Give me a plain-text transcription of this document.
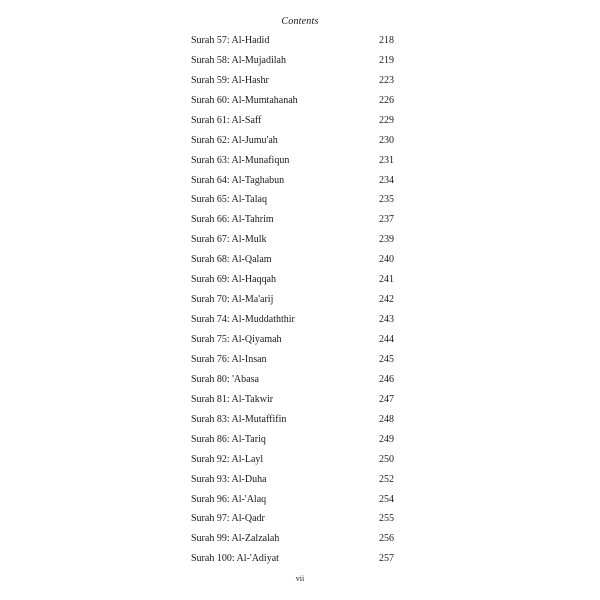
Contents
Surah 57: Al-Hadid	218
Surah 58: Al-Mujadilah	219
Surah 59: Al-Hashr	223
Surah 60: Al-Mumtahanah	226
Surah 61: Al-Saff	229
Surah 62: Al-Jumu'ah	230
Surah 63: Al-Munafiqun	231
Surah 64: Al-Taghabun	234
Surah 65: Al-Talaq	235
Surah 66: Al-Tahrim	237
Surah 67: Al-Mulk	239
Surah 68: Al-Qalam	240
Surah 69: Al-Haqqah	241
Surah 70: Al-Ma'arij	242
Surah 74: Al-Muddaththir	243
Surah 75: Al-Qiyamah	244
Surah 76: Al-Insan	245
Surah 80: 'Abasa	246
Surah 81: Al-Takwir	247
Surah 83: Al-Mutaffifin	248
Surah 86: Al-Tariq	249
Surah 92: Al-Layl	250
Surah 93: Al-Duha	252
Surah 96: Al-'Alaq	254
Surah 97: Al-Qadr	255
Surah 99: Al-Zalzalah	256
Surah 100: Al-'Adiyat	257
vii
